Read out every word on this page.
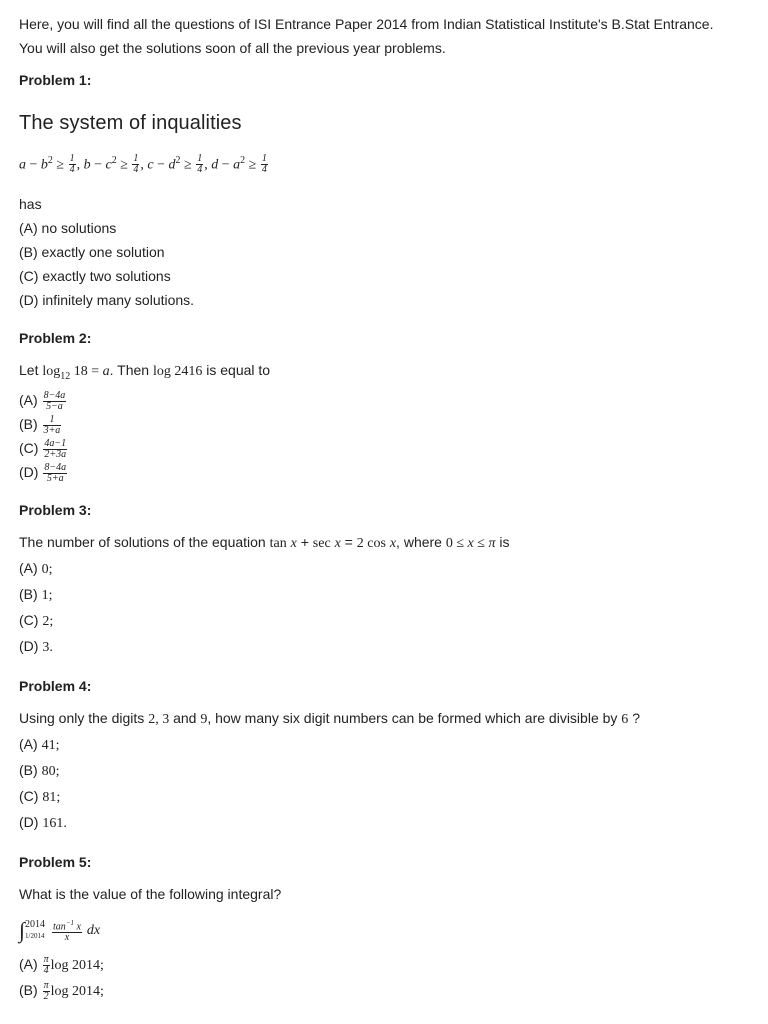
Here, you will find all the questions of ISI Entrance Paper 2014 from Indian Statistical Institute's B.Stat Entrance.

You will also get the solutions soon of all the previous year problems.

Problem 1:

The system of inqualities

$a - b^2 \ge \frac{1}{4}$ , $b - c^2 \ge \frac{1}{4}$ , $c - d^2 \ge \frac{1}{4}$ , $d - a^2 \ge \frac{1}{4}$

has

(A) no solutions

(B) exactly one solution

(C) exactly two solutions

(D) infinitely many solutions.

Problem 2:

Let $\log_{12} 18 = a$. Then log 2416 is equal to

$(A) \frac{8-4a}{5-a}$

$(B) \frac{1}{3+a}$

$(C) \frac{4a-1}{2+3a}$

$(D) \frac{8-4a}{5+a}$

Problem 3:

The number of solutions of the equation tan x + sec x = 2 cos x, where 0 ≤ x ≤ π is

(A) 0;

(B) 1;

(C) 2;

(D) 3.

Problem 4:

Using only the digits 2, 3 and 9, how many six digit numbers can be formed which are divisible by 6 ?

(A) 41;

(B) 80;

(C) 81;

(D) 161.

Problem 5:

What is the value of the following integral?

∫2014
$1/2014 \frac{\tan^{-1} x}{x}$ dx

$(A) \frac{\pi}{4}$ log 2014;

$(B) \frac{\pi}{2}$ log 2014;
